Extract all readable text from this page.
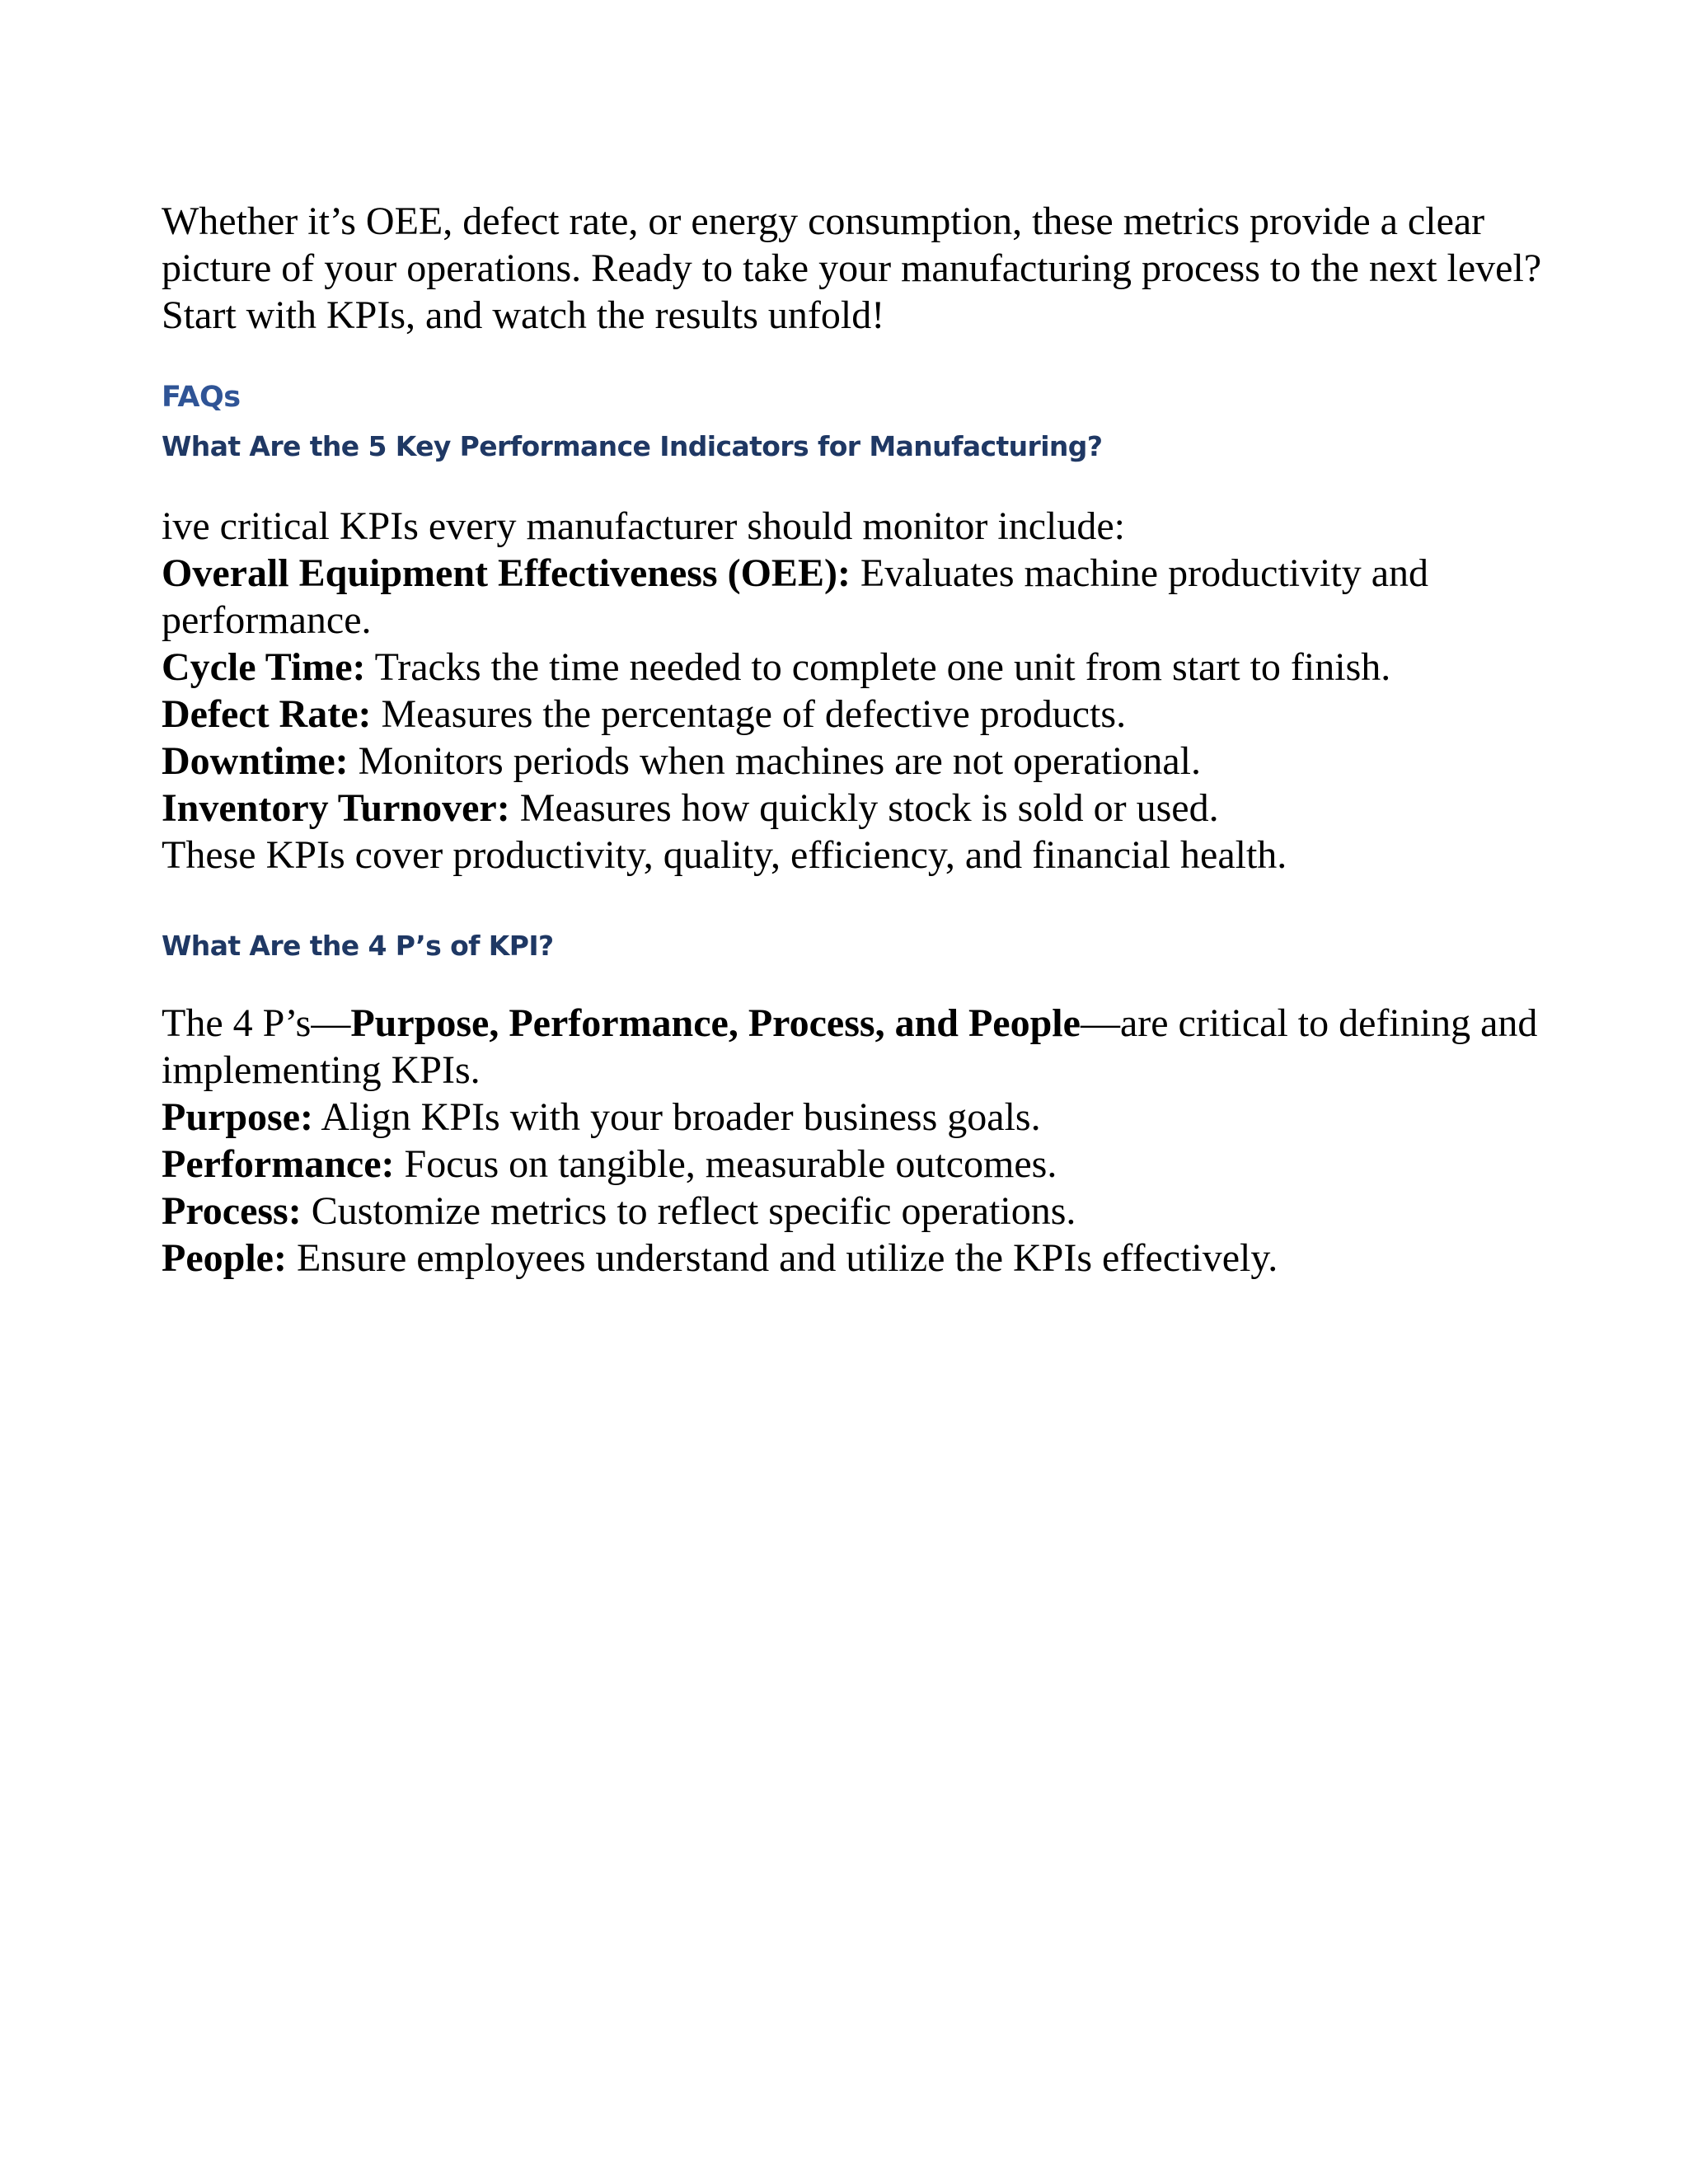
Whether it’s OEE, defect rate, or energy consumption, these metrics provide a clear picture of your operations. Ready to take your manufacturing process to the next level? Start with KPIs, and watch the results unfold!

FAQs
What Are the 5 Key Performance Indicators for Manufacturing?
ive critical KPIs every manufacturer should monitor include:
Overall Equipment Effectiveness (OEE): Evaluates machine productivity and performance.
Cycle Time: Tracks the time needed to complete one unit from start to finish.
Defect Rate: Measures the percentage of defective products.
Downtime: Monitors periods when machines are not operational.
Inventory Turnover: Measures how quickly stock is sold or used.
These KPIs cover productivity, quality, efficiency, and financial health.
What Are the 4 P’s of KPI?
The 4 P’s—Purpose, Performance, Process, and People—are critical to defining and implementing KPIs.
Purpose: Align KPIs with your broader business goals.
Performance: Focus on tangible, measurable outcomes.
Process: Customize metrics to reflect specific operations.
People: Ensure employees understand and utilize the KPIs effectively.
